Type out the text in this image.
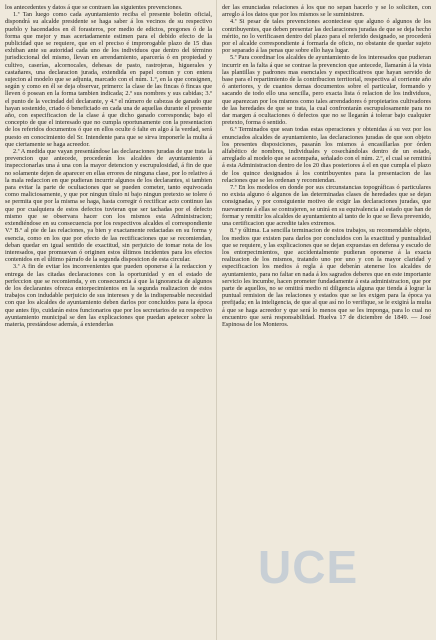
los antecedentes y datos á que se contraen las siguientes prevenciones.

1.ª Tan luego como cada ayuntamiento reciba el presente boletin oficial, dispondrá su alcalde presidente se haga saber á los vecinos de su respectivo pueblo y hacendados en él forasteros, por medio de edictos, pregones ó de la forma que mejor y mas acertadamente estimen para el debido efecto de la publicidad que se requiere, que en el preciso é improrogable plazo de 15 dias exhiban ante su autoridad cada uno de los individuos que dentro del término jurisdiccional del mismo, llevan en arrendamiento, aparcería ó en propiedad y cultivo, caserías, alcornocales, dehesas de pasto, rastrojeras, higuerales y castañares, una declaracion jurada, extendida en papel comun y con entera sujecion al modelo que se adjunta, marcado con el núm. 1.º, en la que consignen, según y como en él se deja observar, primero: la clase de las fincas ó fincas que lleven ó posean en la forma tambien indicada; 2.º sus nombres y sus cabidas; 3.º el punto de la vecindad del declarante, y 4.º el número de cabezas de ganado que hayan sostenido, criado ó beneficiado en cada una de aquellas durante el presente año, con especificacion de la clase á que dicho ganado corresponda; bajo el concepto de que el interesado que no cumpla oportunamente con la presentacion de los referidos documentos ó que en ellos oculte ó falte en algo á la verdad, será puesto en conocimiento del Sr. Intendente para que se sirva imponerle la multa á que ciertamente se haga acreedor.

2.ª A medida que vayan presentándose las declaraciones juradas de que trata la prevencion que antecede, procederán los alcaldes de ayuntamiento á inspeccionarlas una á una con la mayor detencion y escrupulosidad, á fin de que no solamente dejen de aparecer en ellas errores de ninguna clase, por lo relativo á la mala redaccion en que pudieran incurrir algunos de los declarantes, si tambien para evitar la parte de ocultaciones que se pueden cometer, tanto equivocada como maliciosamente, y que por ningun título ni bajo ningun pretexto se tolere ó se permita que por la misma se haga, hasta corregir ó rectificar acto continuo las que por cualquiera de estos defectos tuvieran que ser tachadas por el defecto mismo que se observara hacer con los mismos esta Administracion; extendiéndose en su consecuencia por los respectivos alcaldes el correspondiente V.º B.º al pie de las relaciones, ya bien y exactamente redactadas en su forma y esencia, como en los que por efecto de las rectificaciones que se recomiendan, deban quedar en igual sentido de exactitud, sin perjuicio de tomar nota de los interesados, que promuevan ó originen estos últimos incidentes para los efectos contenidos en el último párrafo de la segunda disposicion de esta circular.

3.ª A fin de evitar los inconvenientes que pueden oponerse á la redaccion y entrega de las citadas declaraciones con la oportunidad y en el estado de perfeccion que se recomienda, y en consecuencia á que la ignorancia de algunos de los declarantes ofrezca entorpecimientos en la segunda realizacion de estos trabajos con indudable perjuicio de sus intereses y de la indispensable necesidad con que los alcaldes de ayuntamiento deben darlos por concluidos para la época que antes fijo, cuidarán estos funcionarios que por los secretarios de su respectivo ayuntamiento municipal se den las explicaciones que puedan apetecer sobre la materia, prestándose además, á extenderlas

der las enunciadas relaciones á los que no sepan hacerlo y se lo soliciten, con arreglo á los datos que por los mismos se le suministren.

4.ª Si pesar de tales prevenciones aconteciese que alguno ó algunos de los contribuyentes, que deben presentar las declaraciones juradas de que se deja hecho mérito, no lo verificasen dentro del plazo para el referido designado, se procederá por el alcalde correspondiente á formarla de oficio, no obstante de quedar sujeto por separado á las penas que sobre ello haya lugar.

5.ª Para coordinar los alcaldes de ayuntamiento de los interesados que pudieran incurrir en la falta á que se contrae la prevencion que antecede, llamarán á la vista las plantillas y padrones mas esenciales y especificativos que hayan servido de base para el repartimiento de la contribucion territorial, respectiva al corriente año ó anteriores, y de cuantos demas documentos sobre el particular, formando y sacando de todo ello una sencilla, pero exacta lista ó relacion de los individuos, que aparezcan por los mismos como tales arrendadores ó propietarios cultivadores de las heredades de que se trata, la cual confrontarán escrupulosamente para no dar margen á ocultaciones ó defectos que no se llegarán á tolerar bajo cualquier pretexto, forma ó sentido.

6.ª Terminados que sean todas estas operaciones y obtenidas á su vez por los enunciados alcaldes de ayuntamiento, las declaraciones juradas de que son objeto los presentes disposiciones, pasarán los mismos á encasillarlas por órden alfabético de nombres, individuales y cosechándolas dentro de un estado, arreglado al modelo que se acompaña, señalado con el núm. 2.º, el cual se remitirá á esta Administracion dentro de los 20 dias posteriores á el en que cumpla el plazo de los quince designados á los contribuyentes para la presentacion de las relaciones que se les ordenan y recomiendan.

7.ª En los modelos en donde por sus circunstancias topográficas ó particulares no exista alguno ó algunos de las determinadas clases de heredades que se dejan consignadas, y por consiguiente motivo de exigir las declaraciones juradas, que nuevamente á ellas se contrajeren, se unirá en su equivalencia al estado que han de formar y remitir los alcaldes de ayuntamiento al tanto de lo que se lleva prevenido, una certificacion que acredite tales extremos.

8.ª y última. La sencilla terminacion de estos trabajos, su recomendable objeto, los medios que existen para darlos por concluidos con la exactitud y puntualidad que se requiere, y las explicaciones que se dejan expuestas en defensa y escudo de los entorpecimientos, que accidentalmente pudieran oponerse á la exacta realizacion de los mismos, tratando uno por uno y con la mayor claridad y especificacion los medios á regla á que deberán atenerse los alcaldes de ayuntamiento, para no faltar en nada á los sagrados deberes que en este importante servicio les incumbe, hacen prometer fundadamente á esta administracion, que por parte de aquellos, no se omitirá medio ni diligencia alguna que tienda á lograr la puntual remision de las relaciones y estados que se les exigen para la época ya prefijada; en la inteligencia, de que al que así no lo verifique, se le exigirá la multa á que se haga acreedor y que será lo menos que se les imponga, para lo cual no encuentro que será responsabilidad. Huelva 17 de diciembre de 1849. — José Espinosa de los Monteros.

UCE
